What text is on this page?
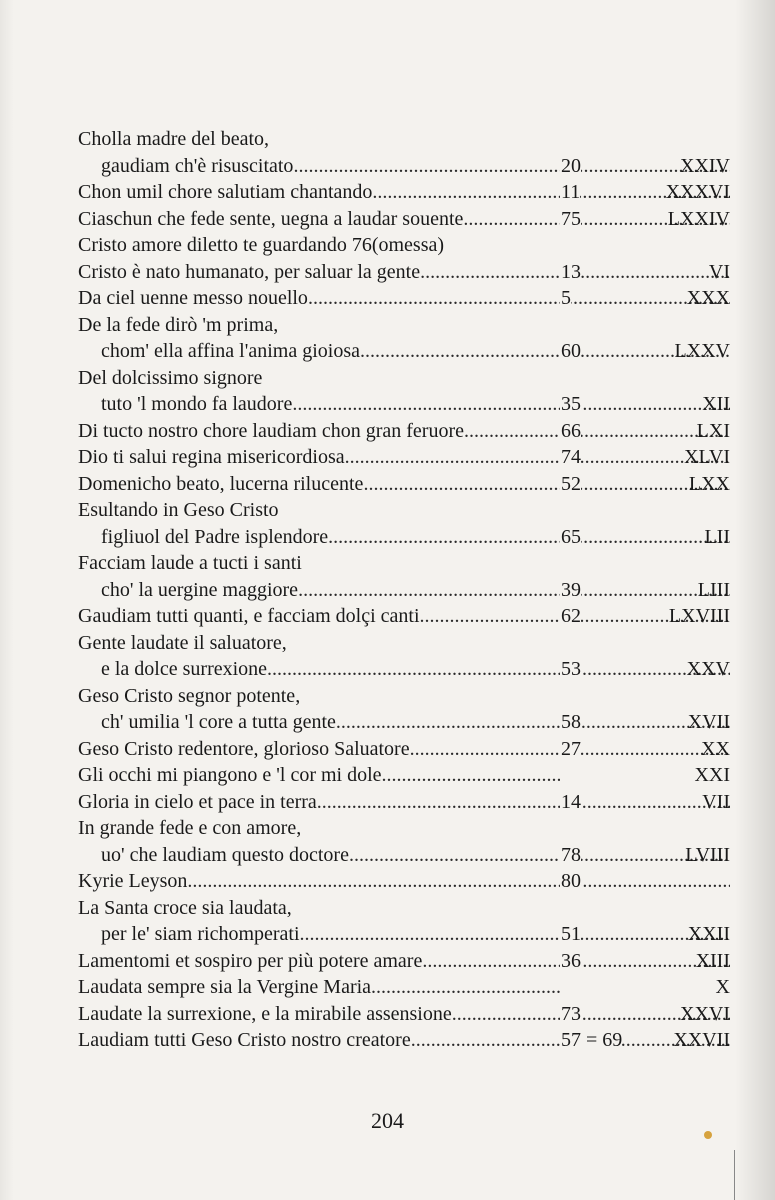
Cholla madre del beato,
gaudiam ch'è risuscitato .....	20	XXIV
Chon umil chore salutiam chantando .....	11	XXXVI
Ciaschun che fede sente, uegna a laudar souente .....	75	LXXIV
Cristo amore diletto te guardando 76(omessa)
Cristo è nato humanato, per saluar la gente .....	13	VI
Da ciel uenne messo nouello .....	5	XXX
De la fede dirò 'm prima,
chom' ella affina l'anima gioiosa .....	60	LXXV
Del dolcissimo signore
tuto 'l mondo fa laudore .....	35	XII
Di tucto nostro chore laudiam chon gran feruore .....	66	LXI
Dio ti salui regina misericordiosa .....	74	XLVI
Domenicho beato, lucerna rilucente .....	52	LXX
Esultando in Geso Cristo
figliuol del Padre isplendore .....	65	LII
Facciam laude a tucti i santi
cho' la uergine maggiore .....	39	LIII
Gaudiam tutti quanti, e facciam dolçi canti .....	62	LXVIII
Gente laudate il saluatore,
e la dolce surrexione .....	53	XXV
Geso Cristo segnor potente,
ch' umilia 'l core a tutta gente .....	58	XVII
Geso Cristo redentore, glorioso Saluatore .....	27	XX
Gli occhi mi piangono e 'l cor mi dole .....	XXI
Gloria in cielo et pace in terra .....	14	VII
In grande fede e con amore,
uo' che laudiam questo doctore .....	78	LVIII
Kyrie Leyson .....	80
La Santa croce sia laudata,
per le' siam richomperati .....	51	XXII
Lamentomi et sospiro per più potere amare .....	36	XIII
Laudata sempre sia la Vergine Maria .....	X
Laudate la surrexione, e la mirabile assensione .....	73	XXVI
Laudiam tutti Geso Cristo nostro creatore .....	57 = 69	XXVII
204
